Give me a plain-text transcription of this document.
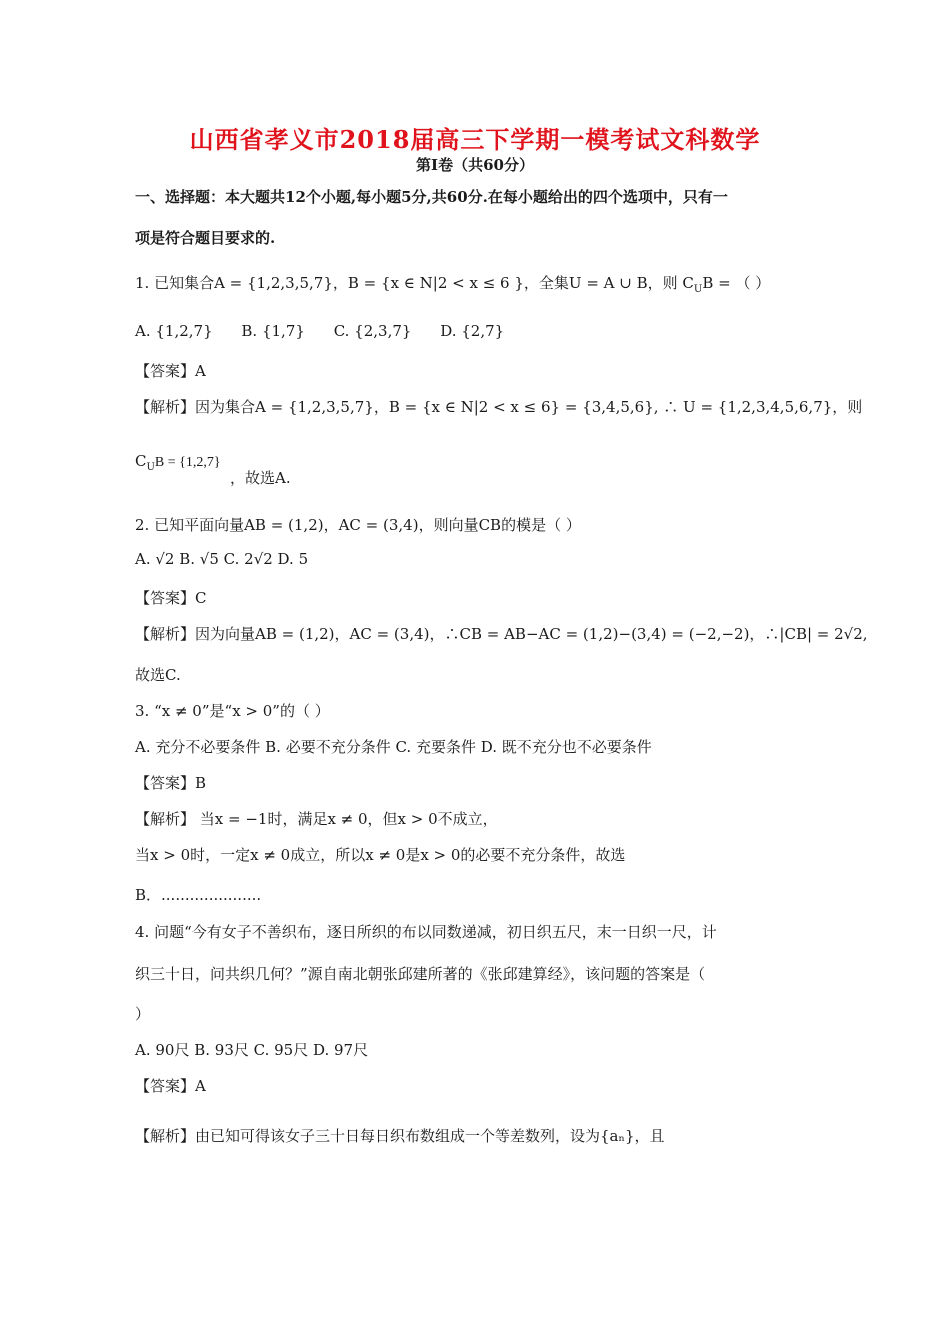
山西省孝义市2018届高三下学期一模考试文科数学
第Ⅰ卷（共60分）
一、选择题：本大题共12个小题,每小题5分,共60分.在每小题给出的四个选项中，只有一
项是符合题目要求的.
1. 已知集合A = {1,2,3,5,7}，B = {x ∈ N|2 < x ≤ 6 }，全集U = A ∪ B，则 $C_UB$ = （ ）
A. {1,2,7} B. {1,7} C. {2,3,7} D. {2,7}
【答案】A
【解析】因为集合A = {1,2,3,5,7}，B = {x ∈ N|2 < x ≤ 6} = {3,4,5,6}, ∴ U = {1,2,3,4,5,6,7}，则
$C_UB = \{1,2,7\}$
，故选A.
2. 已知平面向量AB = (1,2)，AC = (3,4)，则向量CB的模是（ ）
A. √2 B. √5 C. 2√2 D. 5
【答案】C
【解析】因为向量AB = (1,2)，AC = (3,4)，∴CB = AB−AC = (1,2)−(3,4) = (−2,−2)，∴|CB| = 2√2,
故选C.
3. “x ≠ 0”是“x > 0”的（ ）
A. 充分不必要条件 B. 必要不充分条件 C. 充要条件 D. 既不充分也不必要条件
【答案】B
【解析】 当x = −1时，满足x ≠ 0，但x > 0不成立，
当x > 0时，一定x ≠ 0成立，所以x ≠ 0是x > 0的必要不充分条件，故选
B．.....................
4. 问题“今有女子不善织布，逐日所织的布以同数递减，初日织五尺，末一日织一尺，计
织三十日，问共织几何？”源自南北朝张邱建所著的《张邱建算经》，该问题的答案是（
）
A. 90尺 B. 93尺 C. 95尺 D. 97尺
【答案】A
【解析】由已知可得该女子三十日每日织布数组成一个等差数列，设为{aₙ}，且
